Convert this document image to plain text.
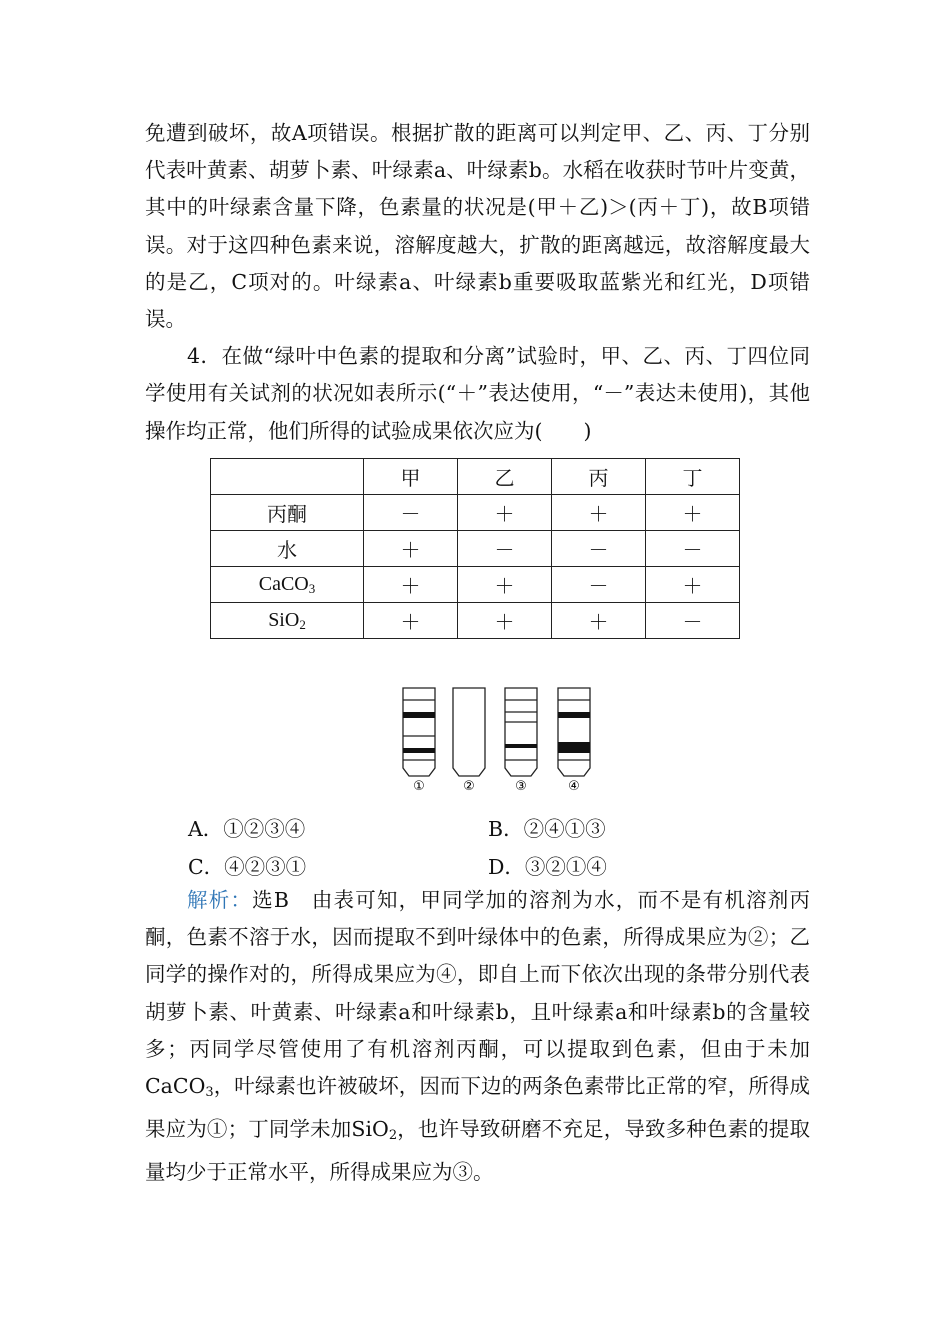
免遭到破坏，故A项错误。根据扩散的距离可以判定甲、乙、丙、丁分别代表叶黄素、胡萝卜素、叶绿素a、叶绿素b。水稻在收获时节叶片变黄，其中的叶绿素含量下降，色素量的状况是(甲＋乙)＞(丙＋丁)，故B项错误。对于这四种色素来说，溶解度越大，扩散的距离越远，故溶解度最大的是乙，C项对的。叶绿素a、叶绿素b重要吸取蓝紫光和红光，D项错误。

4．在做“绿叶中色素的提取和分离”试验时，甲、乙、丙、丁四位同学使用有关试剂的状况如表所示(“＋”表达使用，“－”表达未使用)，其他操作均正常，他们所得的试验成果依次应为(　　)

	甲	乙	丙	丁
丙酮	－	＋	＋	＋
水	＋	－	－	－
CaCO$_3$	＋	＋	－	＋
SiO$_2$	＋	＋	＋	－
①	②	③	④
A．①②③④	B．②④①③
C．④②③①	D．③②①④

解析：选B　由表可知，甲同学加的溶剂为水，而不是有机溶剂丙酮，色素不溶于水，因而提取不到叶绿体中的色素，所得成果应为②；乙同学的操作对的，所得成果应为④，即自上而下依次出现的条带分别代表胡萝卜素、叶黄素、叶绿素a和叶绿素b，且叶绿素a和叶绿素b的含量较多；丙同学尽管使用了有机溶剂丙酮，可以提取到色素，但由于未加CaCO$_3$，叶绿素也许被破坏，因而下边的两条色素带比正常的窄，所得成果应为①；丁同学未加SiO$_2$，也许导致研磨不充足，导致多种色素的提取量均少于正常水平，所得成果应为③。
